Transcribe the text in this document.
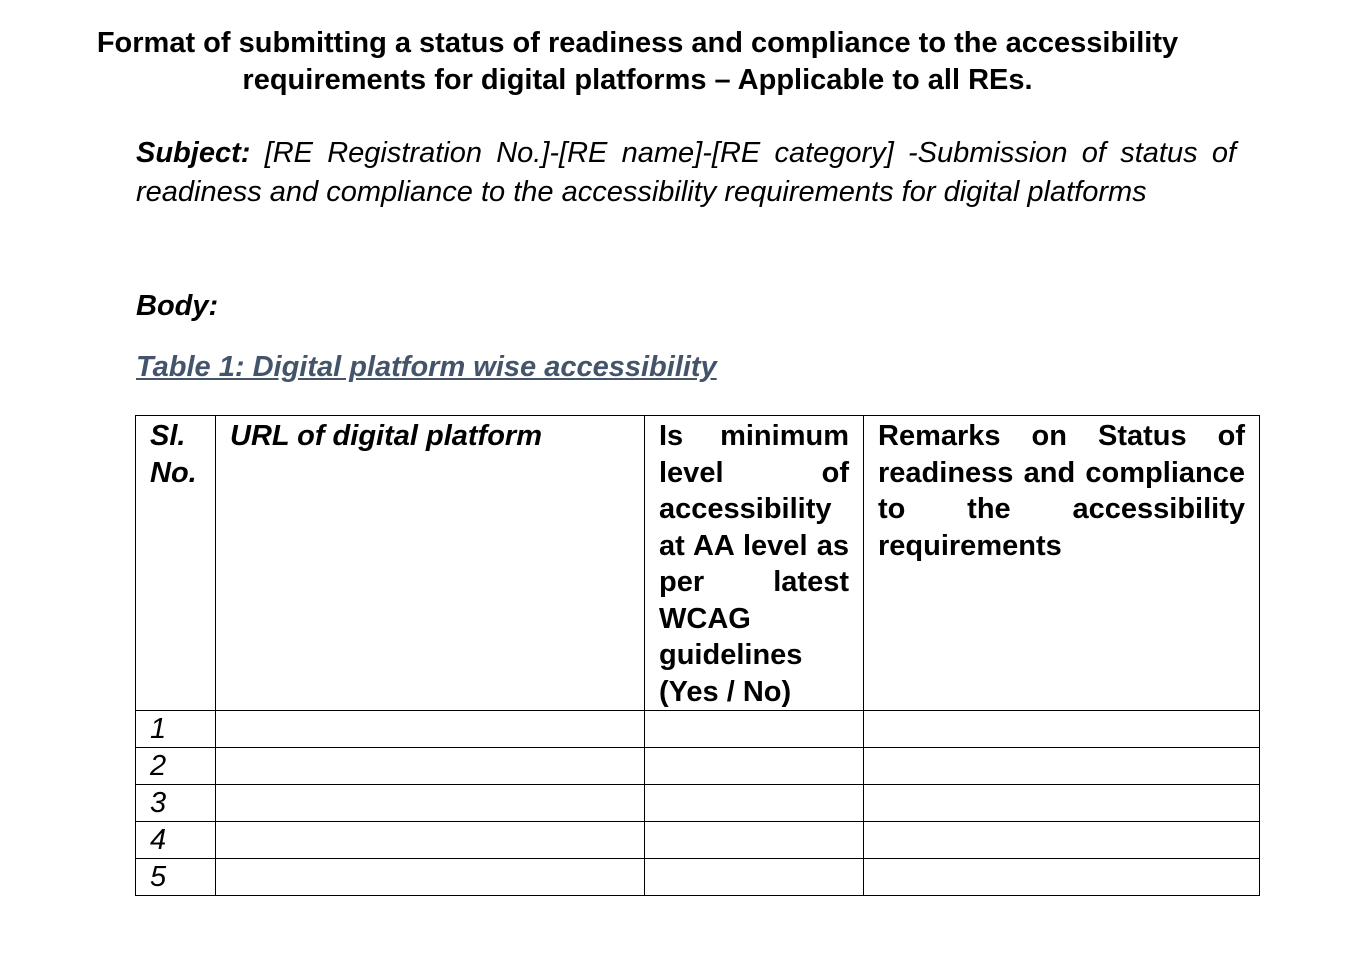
Format of submitting a status of readiness and compliance to the accessibility
requirements for digital platforms – Applicable to all REs.

Subject: [RE Registration No.]-[RE name]-[RE category] -Submission of status of readiness and compliance to the accessibility requirements for digital platforms

Body:

Table 1: Digital platform wise accessibility

Sl. No.	URL of digital platform	Is minimum level of accessibility at AA level as per latest WCAG guidelines (Yes / No)	Remarks on Status of readiness and compliance to the accessibility requirements
1			
2			
3			
4			
5			
